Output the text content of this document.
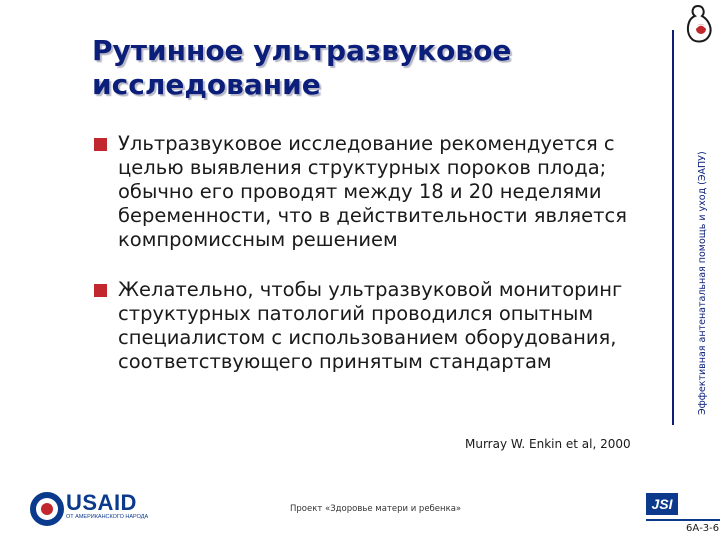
Рутинное ультразвуковое исследование
Эффективная антенатальная помощь и уход (ЭАПУ)
Ультразвуковое исследование рекомендуется с целью выявления структурных пороков плода; обычно его проводят между 18 и 20 неделями беременности, что в действительности является компромиссным решением
Желательно, чтобы ультразвуковой мониторинг структурных патологий проводился опытным специалистом с использованием оборудования, соответствующего принятым стандартам
Murray W. Enkin et al, 2000
USAID
ОТ АМЕРИКАНСКОГО НАРОДА
Проект «Здоровье матери и ребенка»	JSI
6А-3-6
